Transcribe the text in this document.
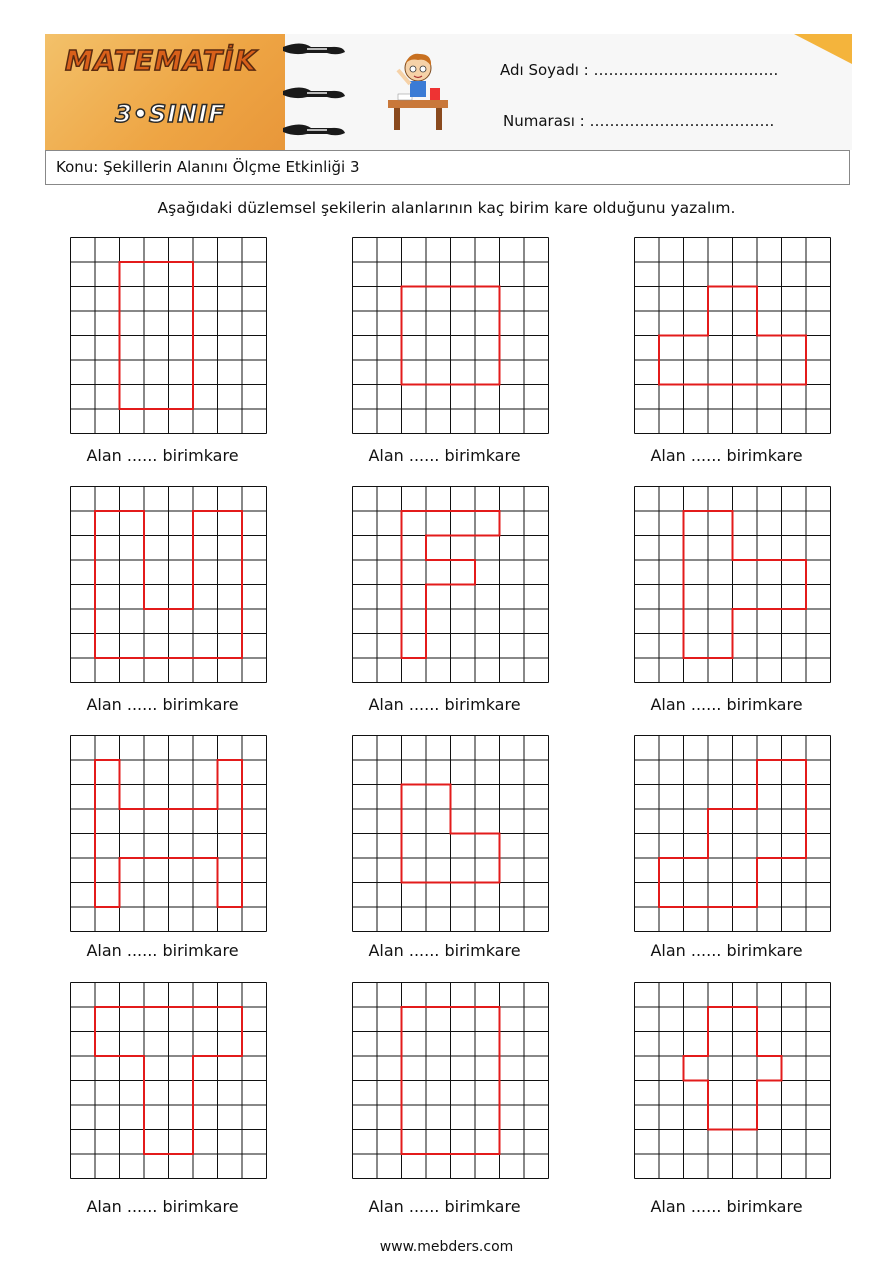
MATEMATİK
3•SINIF
Adı Soyadı : ……………………………….
Numarası : ……………………………….
Konu: Şekillerin Alanını Ölçme Etkinliği 3
Aşağıdaki düzlemsel şekilerin alanlarının kaç birim kare olduğunu yazalım.
Alan ...... birimkare	Alan ...... birimkare	Alan ...... birimkare
Alan ...... birimkare	Alan ...... birimkare	Alan ...... birimkare
Alan ...... birimkare	Alan ...... birimkare	Alan ...... birimkare
Alan ...... birimkare	Alan ...... birimkare	Alan ...... birimkare
www.mebders.com
